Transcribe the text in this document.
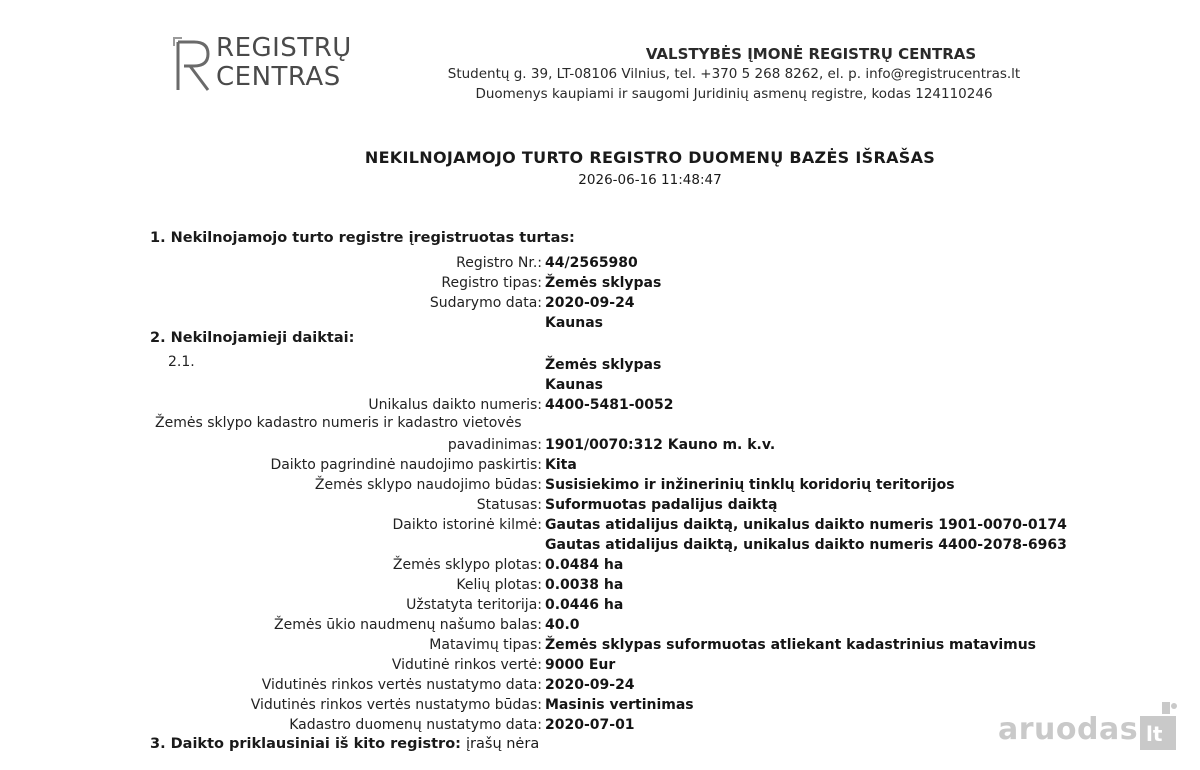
REGISTRŲ
CENTRAS
VALSTYBĖS ĮMONĖ REGISTRŲ CENTRAS
Studentų g. 39, LT-08106 Vilnius, tel. +370 5 268 8262, el. p. info@registrucentras.lt
Duomenys kaupiami ir saugomi Juridinių asmenų registre, kodas 124110246
NEKILNOJAMOJO TURTO REGISTRO DUOMENŲ BAZĖS IŠRAŠAS
2026-06-16 11:48:47
1. Nekilnojamojo turto registre įregistruotas turtas:
Registro Nr.: 44/2565980
Registro tipas: Žemės sklypas
Sudarymo data: 2020-09-24
Kaunas
2. Nekilnojamieji daiktai:
2.1.	Žemės sklypas
Kaunas
Unikalus daikto numeris: 4400-5481-0052
Žemės sklypo kadastro numeris ir kadastro vietovės
pavadinimas: 1901/0070:312 Kauno m. k.v.
Daikto pagrindinė naudojimo paskirtis: Kita
Žemės sklypo naudojimo būdas: Susisiekimo ir inžinerinių tinklų koridorių teritorijos
Statusas: Suformuotas padalijus daiktą
Daikto istorinė kilmė: Gautas atidalijus daiktą, unikalus daikto numeris 1901-0070-0174
Gautas atidalijus daiktą, unikalus daikto numeris 4400-2078-6963
Žemės sklypo plotas: 0.0484 ha
Kelių plotas: 0.0038 ha
Užstatyta teritorija: 0.0446 ha
Žemės ūkio naudmenų našumo balas: 40.0
Matavimų tipas: Žemės sklypas suformuotas atliekant kadastrinius matavimus
Vidutinė rinkos vertė: 9000 Eur
Vidutinės rinkos vertės nustatymo data: 2020-09-24
Vidutinės rinkos vertės nustatymo būdas: Masinis vertinimas
Kadastro duomenų nustatymo data: 2020-07-01
3. Daikto priklausiniai iš kito registro: įrašų nėra	aruodas lt
